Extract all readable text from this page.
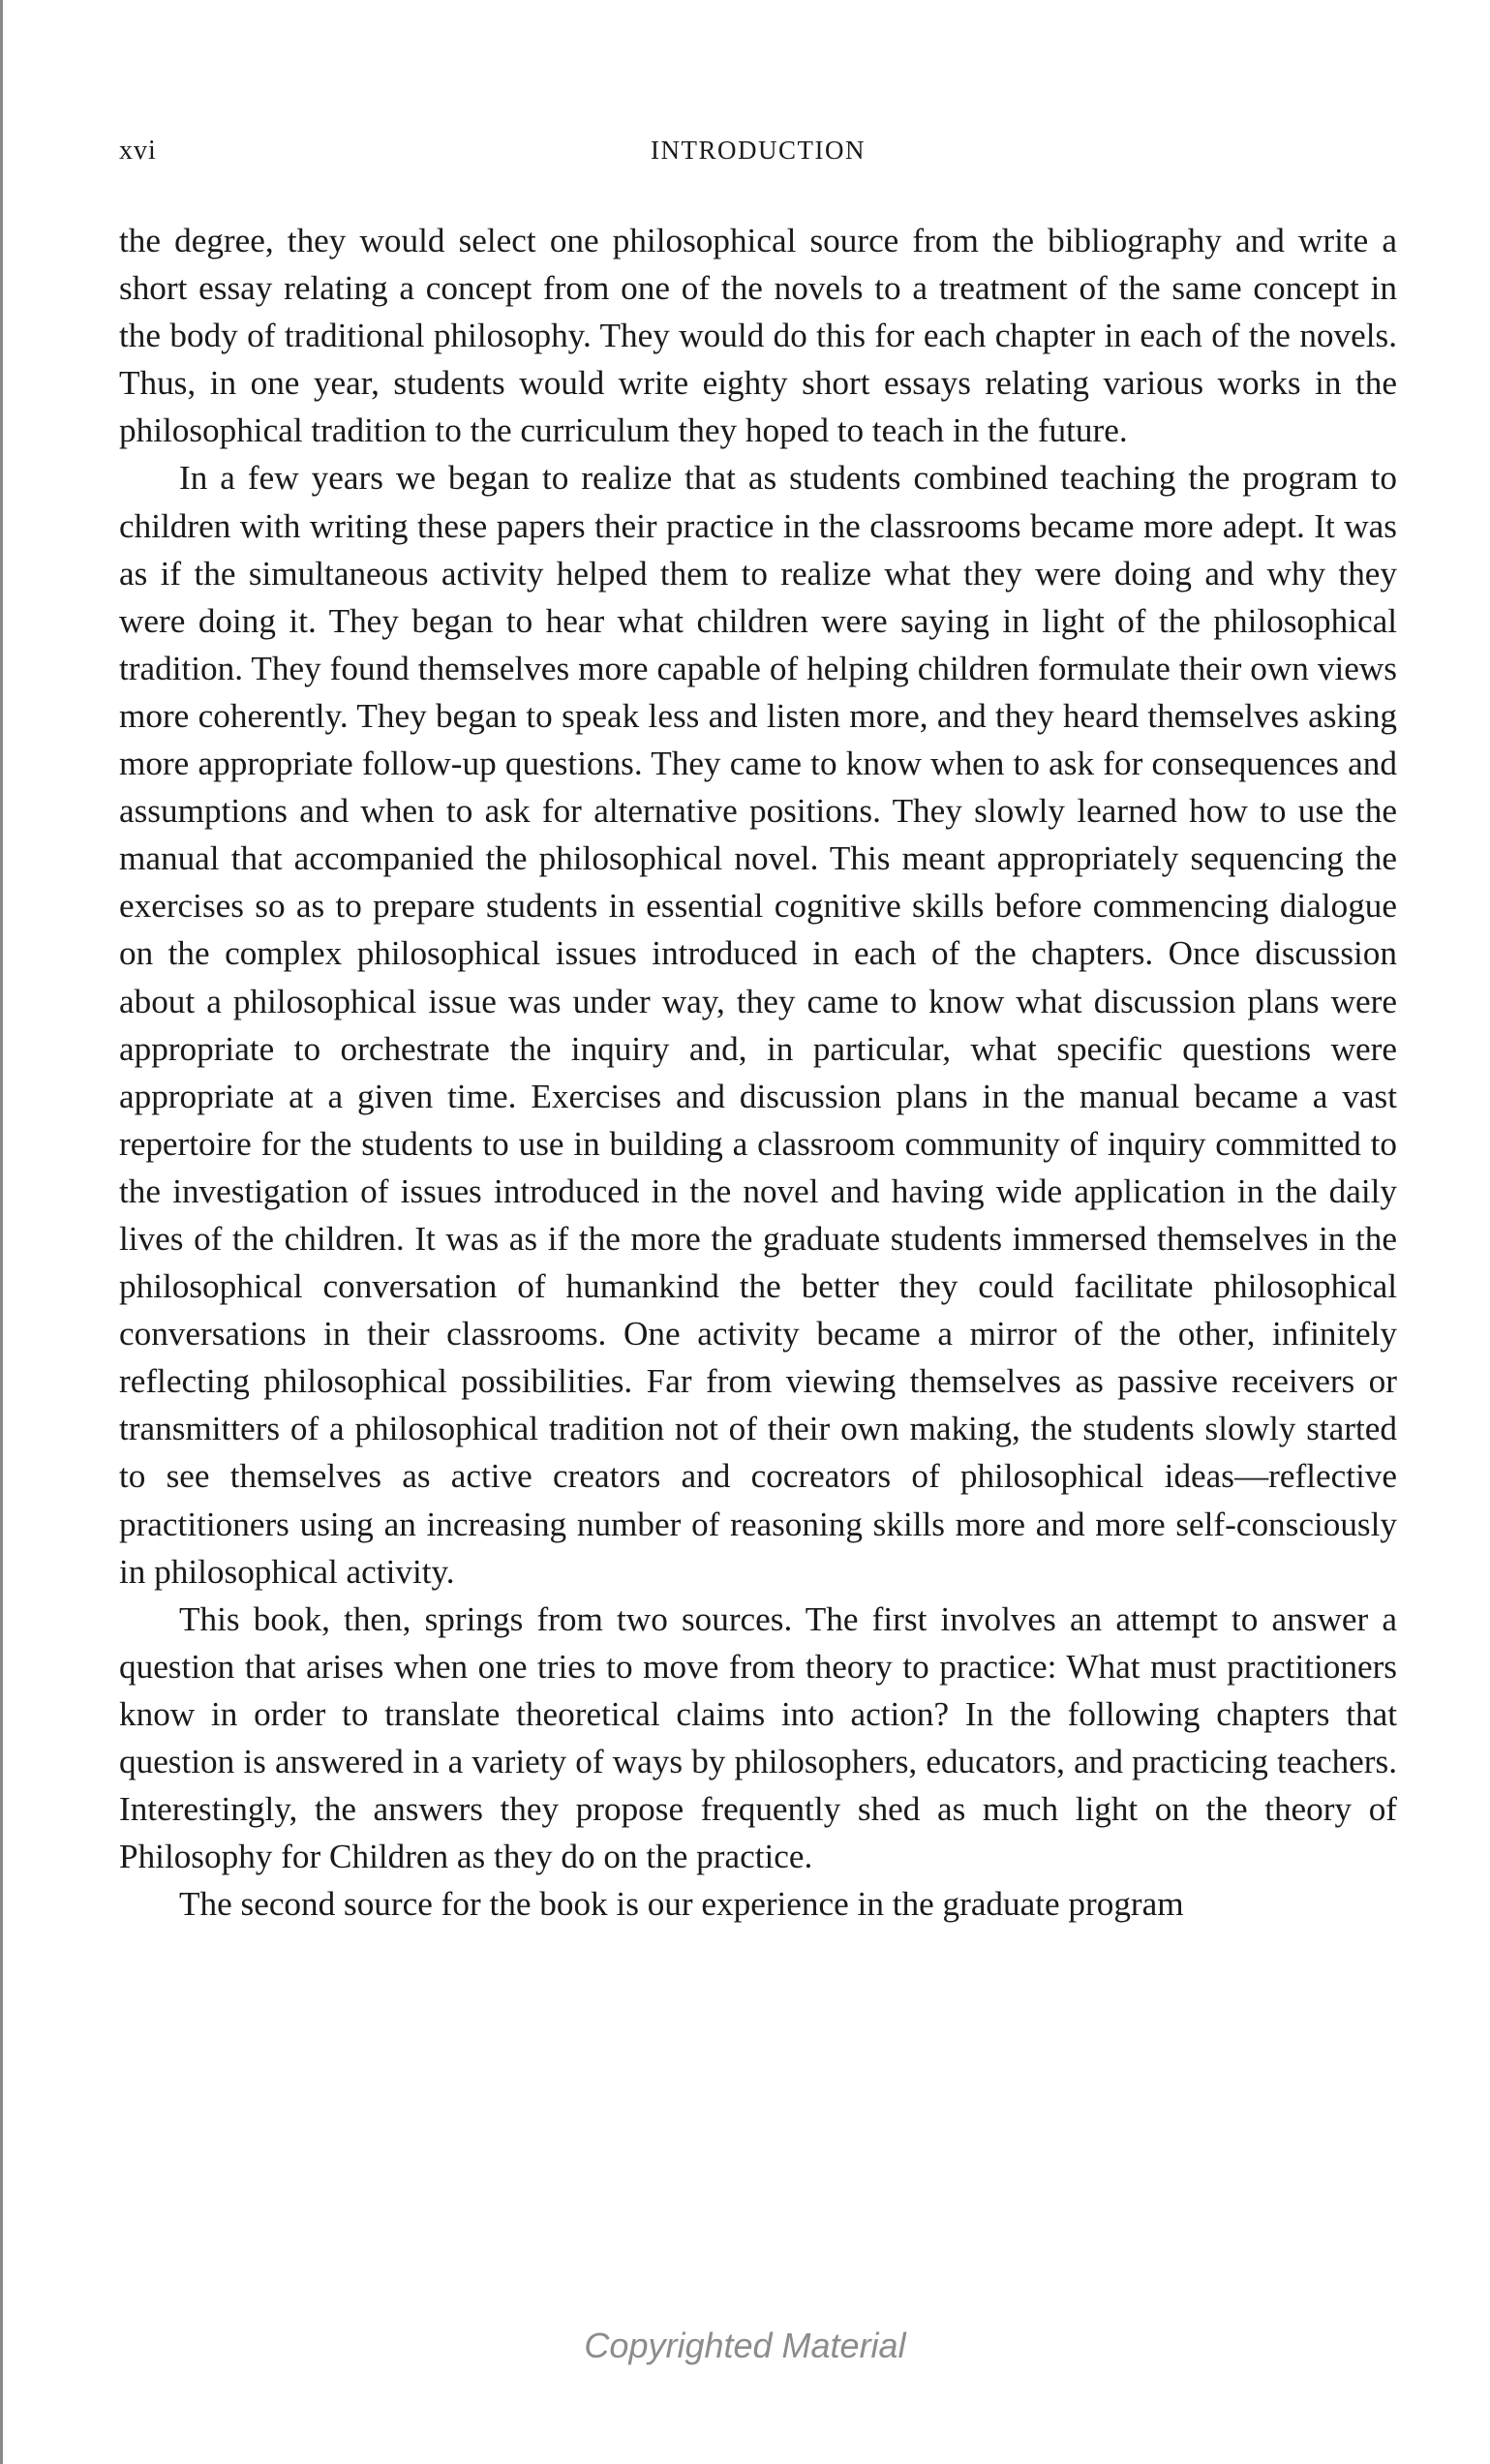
xvi	INTRODUCTION

the degree, they would select one philosophical source from the bibliography and write a short essay relating a concept from one of the novels to a treatment of the same concept in the body of traditional philosophy. They would do this for each chapter in each of the novels. Thus, in one year, students would write eighty short essays relating various works in the philosophical tradition to the curriculum they hoped to teach in the future.

In a few years we began to realize that as students combined teaching the program to children with writing these papers their practice in the classrooms became more adept. It was as if the simultaneous activity helped them to realize what they were doing and why they were doing it. They began to hear what children were saying in light of the philosophical tradition. They found themselves more capable of helping children formulate their own views more coherently. They began to speak less and listen more, and they heard themselves asking more appropriate follow-up questions. They came to know when to ask for consequences and assumptions and when to ask for alternative positions. They slowly learned how to use the manual that accompanied the philosophical novel. This meant appropriately sequencing the exercises so as to prepare students in essential cognitive skills before commencing dialogue on the complex philosophical issues introduced in each of the chapters. Once discussion about a philosophical issue was under way, they came to know what discussion plans were appropriate to orchestrate the inquiry and, in particular, what specific questions were appropriate at a given time. Exercises and discussion plans in the manual became a vast repertoire for the students to use in building a classroom community of inquiry committed to the investigation of issues introduced in the novel and having wide application in the daily lives of the children. It was as if the more the graduate students immersed themselves in the philosophical conversation of humankind the better they could facilitate philosophical conversations in their classrooms. One activity became a mirror of the other, infinitely reflecting philosophical possibilities. Far from viewing themselves as passive receivers or transmitters of a philosophical tradition not of their own making, the students slowly started to see themselves as active creators and cocreators of philosophical ideas—reflective practitioners using an increasing number of reasoning skills more and more self-consciously in philosophical activity.

This book, then, springs from two sources. The first involves an attempt to answer a question that arises when one tries to move from theory to practice: What must practitioners know in order to translate theoretical claims into action? In the following chapters that question is answered in a variety of ways by philosophers, educators, and practicing teachers. Interestingly, the answers they propose frequently shed as much light on the theory of Philosophy for Children as they do on the practice.

The second source for the book is our experience in the graduate program

Copyrighted Material
